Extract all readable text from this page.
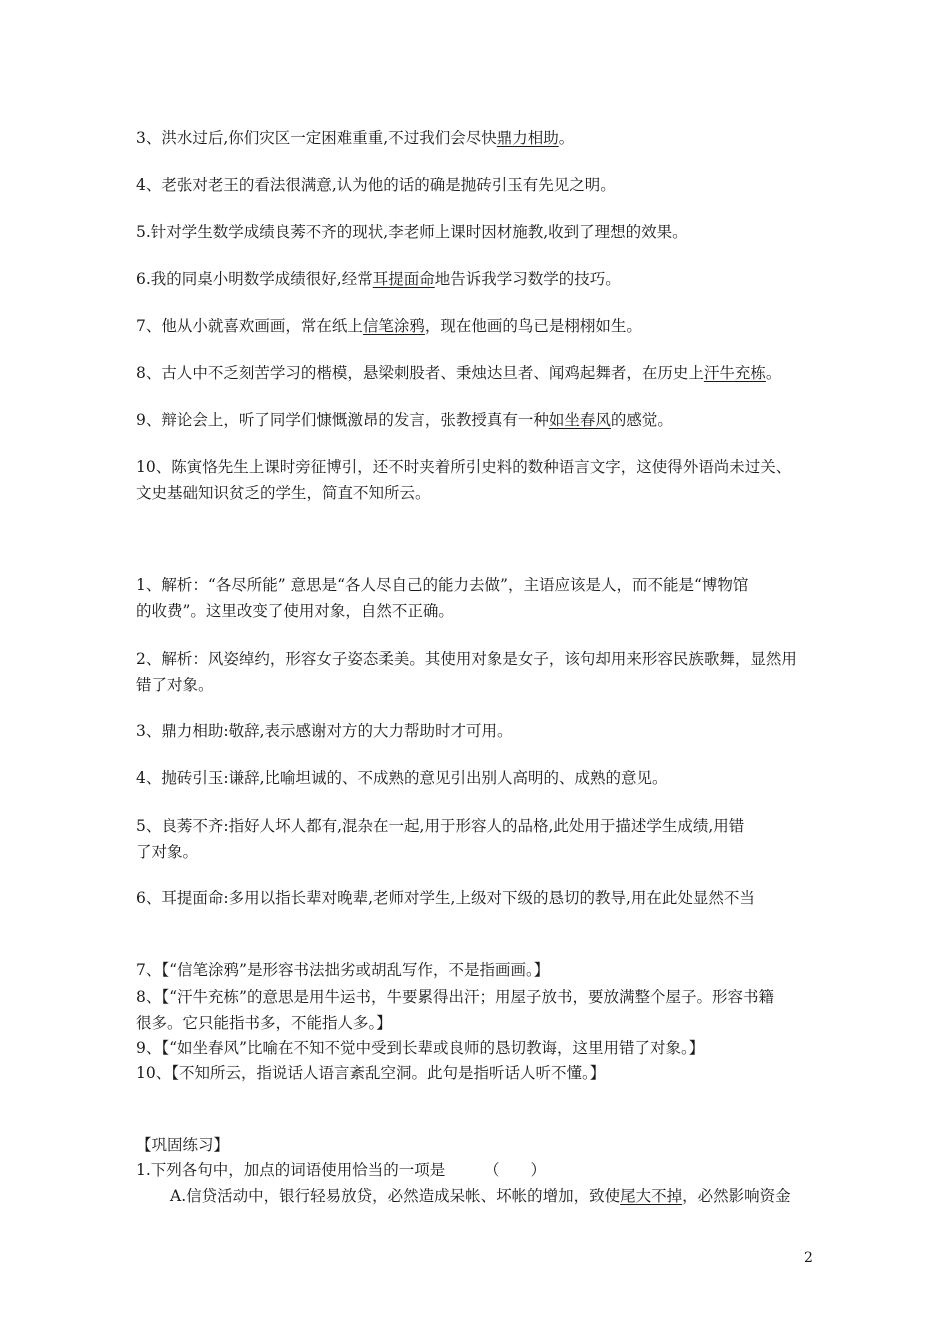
3、洪水过后,你们灾区一定困难重重,不过我们会尽快鼎力相助。
4、老张对老王的看法很满意,认为他的话的确是抛砖引玉有先见之明。
5.针对学生数学成绩良莠不齐的现状,李老师上课时因材施教,收到了理想的效果。
6.我的同桌小明数学成绩很好,经常耳提面命地告诉我学习数学的技巧。
7、他从小就喜欢画画，常在纸上信笔涂鸦，现在他画的鸟已是栩栩如生。
8、古人中不乏刻苦学习的楷模，悬梁刺股者、秉烛达旦者、闻鸡起舞者，在历史上汗牛充栋。
9、辩论会上，听了同学们慷慨激昂的发言，张教授真有一种如坐春风的感觉。
10、陈寅恪先生上课时旁征博引，还不时夹着所引史料的数种语言文字，这使得外语尚未过关、
文史基础知识贫乏的学生，简直不知所云。
1、解析：“各尽所能” 意思是“各人尽自己的能力去做”，主语应该是人，而不能是“博物馆
的收费”。这里改变了使用对象，自然不正确。
2、解析：风姿绰约，形容女子姿态柔美。其使用对象是女子，该句却用来形容民族歌舞，显然用
错了对象。
3、鼎力相助:敬辞,表示感谢对方的大力帮助时才可用。
4、抛砖引玉:谦辞,比喻坦诚的、不成熟的意见引出别人高明的、成熟的意见。
5、良莠不齐:指好人坏人都有,混杂在一起,用于形容人的品格,此处用于描述学生成绩,用错
了对象。
6、耳提面命:多用以指长辈对晚辈,老师对学生,上级对下级的恳切的教导,用在此处显然不当
7、【“信笔涂鸦”是形容书法拙劣或胡乱写作，不是指画画。】
8、【“汗牛充栋”的意思是用牛运书，牛要累得出汗；用屋子放书，要放满整个屋子。形容书籍
很多。它只能指书多，不能指人多。】
9、【“如坐春风”比喻在不知不觉中受到长辈或良师的恳切教诲，这里用错了对象。】
10、【不知所云，指说话人语言紊乱空洞。此句是指听话人听不懂。】
【巩固练习】
1.下列各句中，加点的词语使用恰当的一项是　　　（　　）
A.信贷活动中，银行轻易放贷，必然造成呆帐、坏帐的增加，致使尾大不掉，必然影响资金
2
